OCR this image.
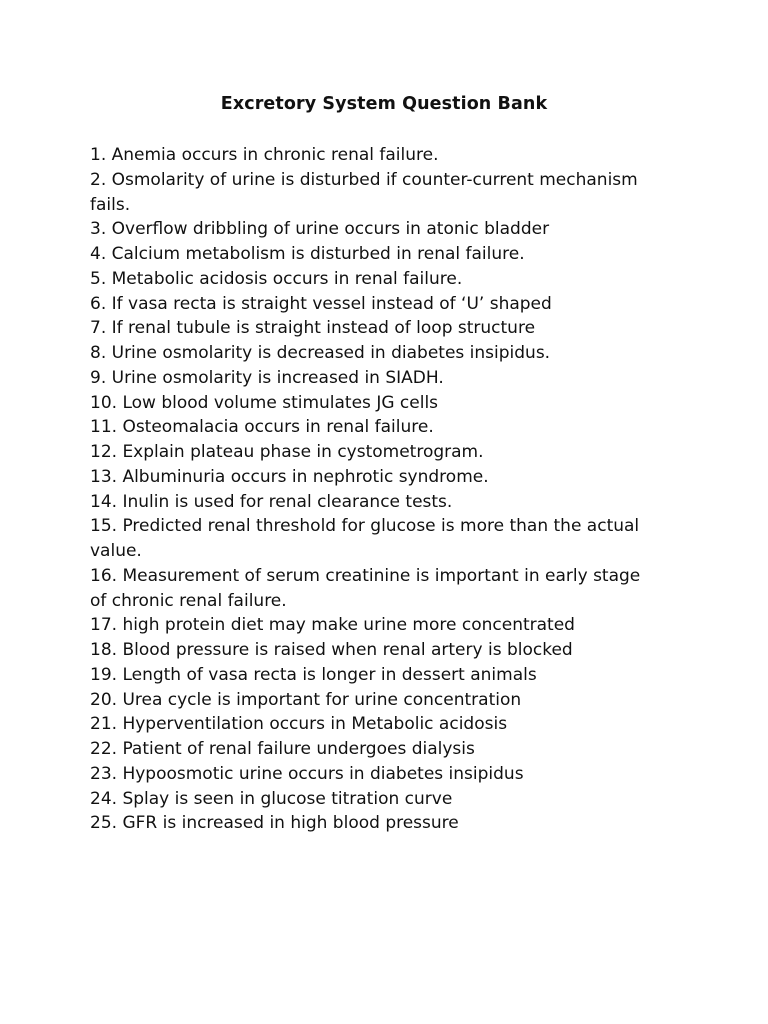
Excretory System Question Bank
1. Anemia occurs in chronic renal failure.
2. Osmolarity of urine is disturbed if counter-current mechanism fails.
3. Overflow dribbling of urine occurs in atonic bladder
4. Calcium metabolism is disturbed in renal failure.
5. Metabolic acidosis occurs in renal failure.
6. If vasa recta is straight vessel instead of ‘U’ shaped
7. If renal tubule is straight instead of loop structure
8. Urine osmolarity is decreased in diabetes insipidus.
9. Urine osmolarity is increased in SIADH.
10. Low blood volume stimulates JG cells
11. Osteomalacia occurs in renal failure.
12. Explain plateau phase in cystometrogram.
13. Albuminuria occurs in nephrotic syndrome.
14. Inulin is used for renal clearance tests.
15. Predicted renal threshold for glucose is more than the actual value.
16. Measurement of serum creatinine is important in early stage of chronic renal failure.
17. high protein diet may make urine more concentrated
18. Blood pressure is raised when renal artery is blocked
19. Length of vasa recta is longer in dessert animals
20. Urea cycle is important for urine concentration
21. Hyperventilation occurs in Metabolic acidosis
22. Patient of renal failure undergoes dialysis
23. Hypoosmotic urine occurs in diabetes insipidus
24. Splay is seen in glucose titration curve
25. GFR is increased in high blood pressure
